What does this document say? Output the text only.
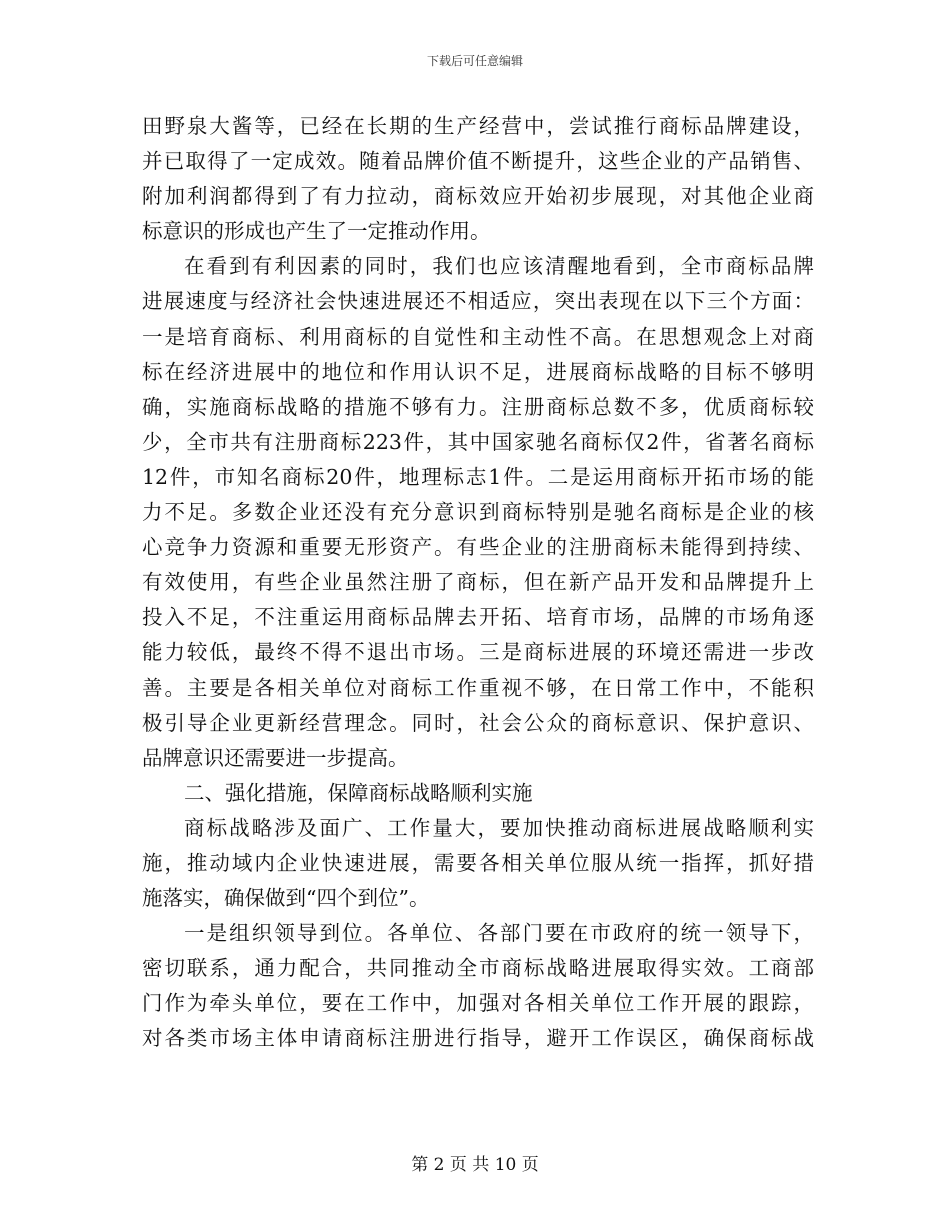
下载后可任意编辑
田野泉大酱等，已经在长期的生产经营中，尝试推行商标品牌建设，
并已取得了一定成效。随着品牌价值不断提升，这些企业的产品销售、
附加利润都得到了有力拉动，商标效应开始初步展现，对其他企业商
标意识的形成也产生了一定推动作用。
在看到有利因素的同时，我们也应该清醒地看到，全市商标品牌
进展速度与经济社会快速进展还不相适应，突出表现在以下三个方面：
一是培育商标、利用商标的自觉性和主动性不高。在思想观念上对商
标在经济进展中的地位和作用认识不足，进展商标战略的目标不够明
确，实施商标战略的措施不够有力。注册商标总数不多，优质商标较
少，全市共有注册商标223件，其中国家驰名商标仅2件，省著名商标
12件，市知名商标20件，地理标志1件。二是运用商标开拓市场的能
力不足。多数企业还没有充分意识到商标特别是驰名商标是企业的核
心竞争力资源和重要无形资产。有些企业的注册商标未能得到持续、
有效使用，有些企业虽然注册了商标，但在新产品开发和品牌提升上
投入不足，不注重运用商标品牌去开拓、培育市场，品牌的市场角逐
能力较低，最终不得不退出市场。三是商标进展的环境还需进一步改
善。主要是各相关单位对商标工作重视不够，在日常工作中，不能积
极引导企业更新经营理念。同时，社会公众的商标意识、保护意识、
品牌意识还需要进一步提高。
二、强化措施，保障商标战略顺利实施
商标战略涉及面广、工作量大，要加快推动商标进展战略顺利实
施，推动域内企业快速进展，需要各相关单位服从统一指挥，抓好措
施落实，确保做到“四个到位”。
一是组织领导到位。各单位、各部门要在市政府的统一领导下，
密切联系，通力配合，共同推动全市商标战略进展取得实效。工商部
门作为牵头单位，要在工作中，加强对各相关单位工作开展的跟踪，
对各类市场主体申请商标注册进行指导，避开工作误区，确保商标战
第 2 页 共 10 页
